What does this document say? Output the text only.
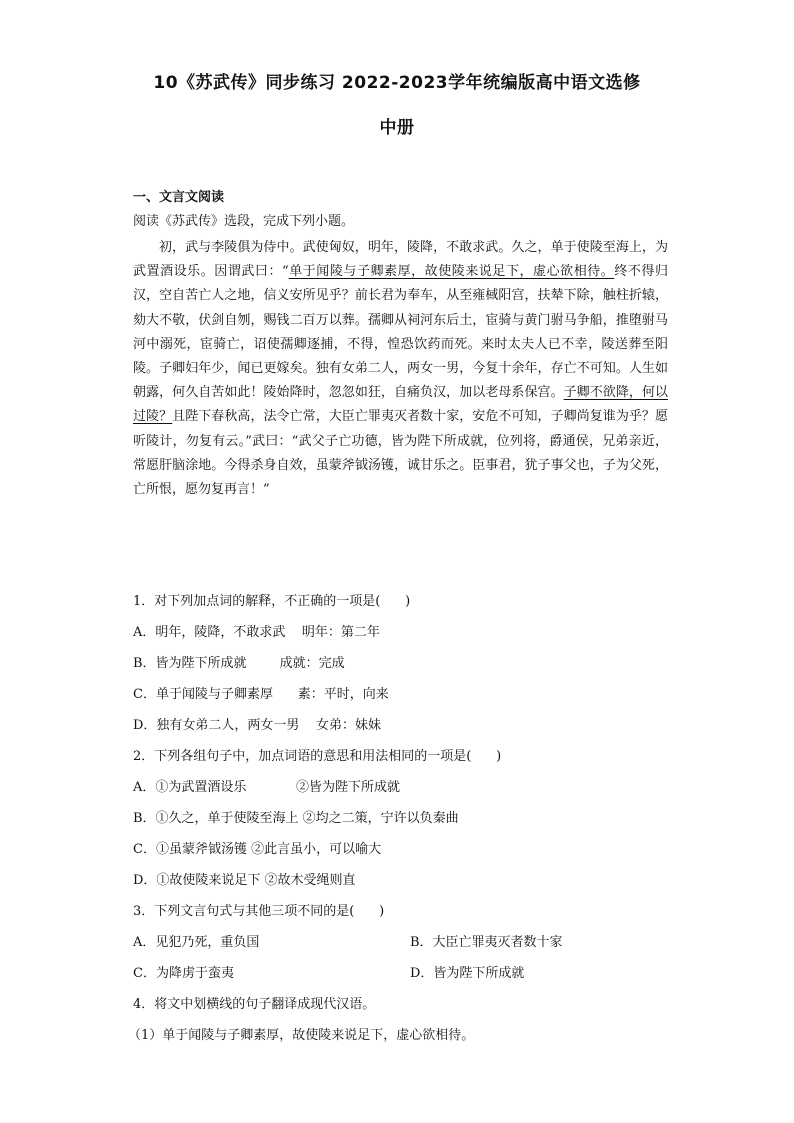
10《苏武传》同步练习 2022-2023学年统编版高中语文选修
中册
一、文言文阅读
阅读《苏武传》选段，完成下列小题。

初，武与李陵俱为侍中。武使匈奴，明年，陵降，不敢求武。久之，单于使陵至海上，为武置酒设乐。因谓武曰：“单于闻陵与子卿素厚，故使陵来说足下，虚心欲相待。终不得归汉，空自苦亡人之地，信义安所见乎？前长君为奉车，从至雍棫阳宫，扶辇下除，触柱折辕，劾大不敬，伏剑自刎，赐钱二百万以葬。孺卿从祠河东后土，宦骑与黄门驸马争船，推堕驸马河中溺死，宦骑亡，诏使孺卿逐捕，不得，惶恐饮药而死。来时太夫人已不幸，陵送葬至阳陵。子卿妇年少，闻已更嫁矣。独有女弟二人，两女一男，今复十余年，存亡不可知。人生如朝露，何久自苦如此！陵始降时，忽忽如狂，自痛负汉，加以老母系保宫。子卿不欲降，何以过陵？且陛下春秋高，法令亡常，大臣亡罪夷灭者数十家，安危不可知，子卿尚复谁为乎？愿听陵计，勿复有云。”武曰：“武父子亡功德，皆为陛下所成就，位列将，爵通侯，兄弟亲近，常愿肝脑涂地。今得杀身自效，虽蒙斧钺汤镬，诚甘乐之。臣事君，犹子事父也，子为父死，亡所恨，愿勿复再言！”

1．对下列加点词的解释，不正确的一项是(      )
A．明年，陵降，不敢求武    明年：第二年
B．皆为陛下所成就        成就：完成
C．单于闻陵与子卿素厚      素：平时，向来
D．独有女弟二人，两女一男    女弟：妹妹
2．下列各组句子中，加点词语的意思和用法相同的一项是(      )
A．①为武置酒设乐            ②皆为陛下所成就
B．①久之，单于使陵至海上 ②均之二策，宁许以负秦曲
C．①虽蒙斧钺汤镬 ②此言虽小，可以喻大
D．①故使陵来说足下 ②故木受绳则直
3．下列文言句式与其他三项不同的是(      )
A．见犯乃死，重负国	B．大臣亡罪夷灭者数十家
C．为降虏于蛮夷	D．皆为陛下所成就
4．将文中划横线的句子翻译成现代汉语。
（1）单于闻陵与子卿素厚，故使陵来说足下，虚心欲相待。
